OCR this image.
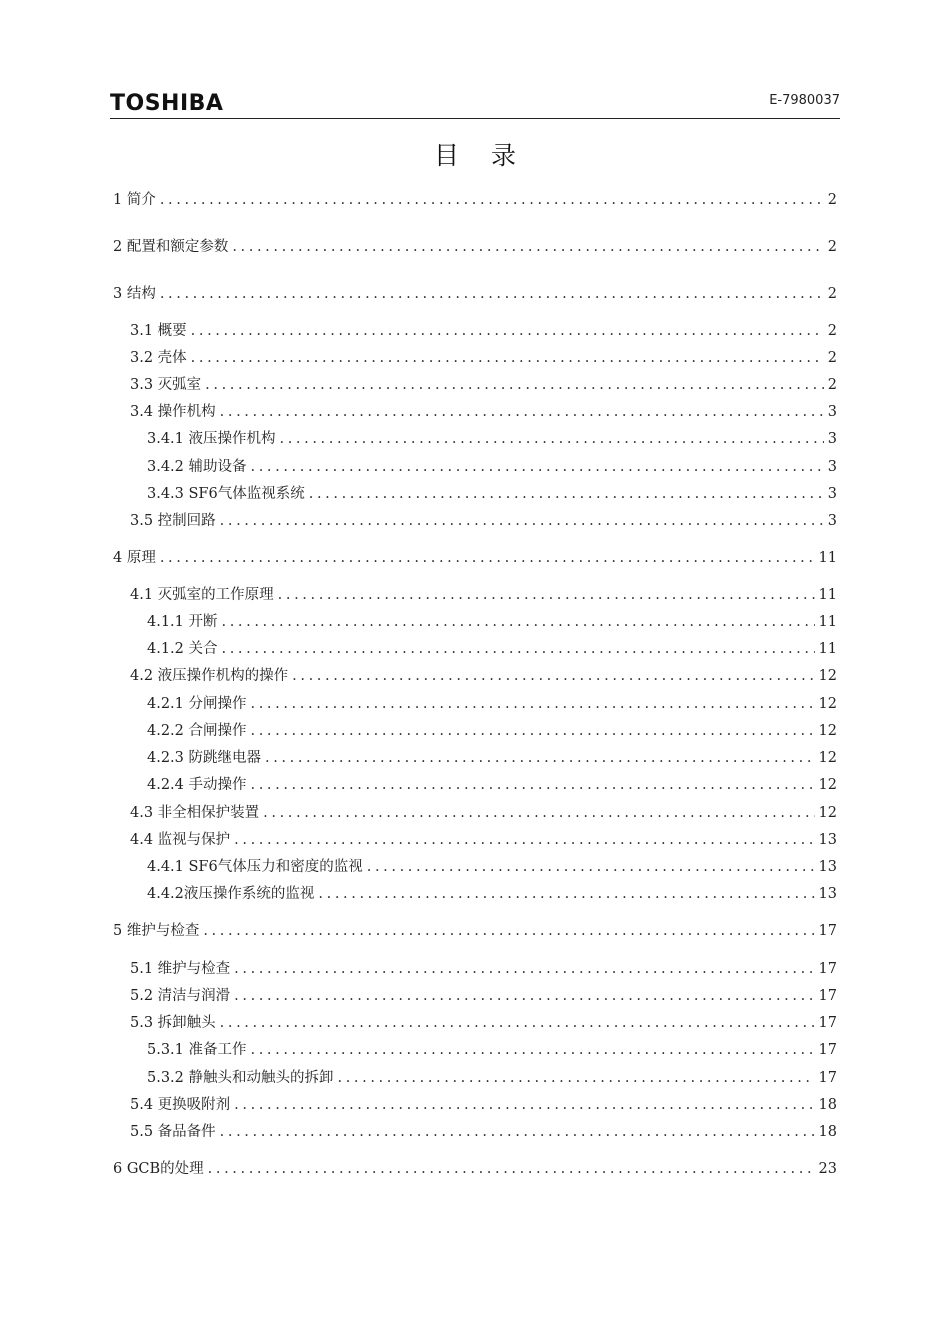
TOSHIBA	E-7980037
目 录
1 简介 .....	2
2 配置和额定参数 .....	2
3 结构 .....	2
3.1 概要 .....	2
3.2 壳体 .....	2
3.3 灭弧室 .....	2
3.4 操作机构 .....	3
3.4.1 液压操作机构 .....	3
3.4.2 辅助设备 .....	3
3.4.3 SF6气体监视系统 .....	3
3.5 控制回路 .....	3
4 原理 .....	11
4.1 灭弧室的工作原理 .....	11
4.1.1 开断 .....	11
4.1.2 关合 .....	11
4.2 液压操作机构的操作 .....	12
4.2.1 分闸操作 .....	12
4.2.2 合闸操作 .....	12
4.2.3 防跳继电器 .....	12
4.2.4 手动操作 .....	12
4.3 非全相保护装置 .....	12
4.4 监视与保护 .....	13
4.4.1 SF6气体压力和密度的监视 .....	13
4.4.2液压操作系统的监视 .....	13
5 维护与检查 .....	17
5.1 维护与检查 .....	17
5.2 清洁与润滑 .....	17
5.3 拆卸触头 .....	17
5.3.1 准备工作 .....	17
5.3.2 静触头和动触头的拆卸 .....	17
5.4 更换吸附剂 .....	18
5.5 备品备件 .....	18
6 GCB的处理 .....	23
